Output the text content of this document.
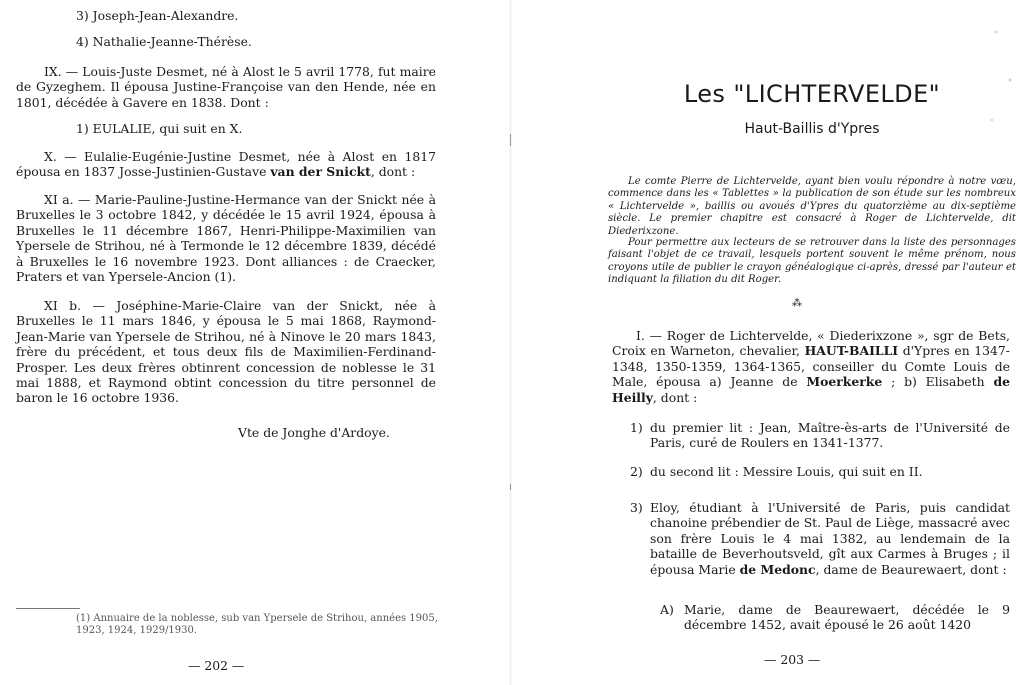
3) Joseph-Jean-Alexandre.
4) Nathalie-Jeanne-Thérèse.

IX. — Louis-Juste Desmet, né à Alost le 5 avril 1778, fut maire de Gyzeghem. Il épousa Justine-Françoise van den Hende, née en 1801, décédée à Gavere en 1838. Dont :

1) EULALIE, qui suit en X.

X. — Eulalie-Eugénie-Justine Desmet, née à Alost en 1817 épousa en 1837 Josse-Justinien-Gustave van der Snickt, dont :

XI a. — Marie-Pauline-Justine-Hermance van der Snickt née à Bruxelles le 3 octobre 1842, y décédée le 15 avril 1924, épousa à Bruxelles le 11 décembre 1867, Henri-Philippe-Maximilien van Ypersele de Strihou, né à Termonde le 12 décembre 1839, décédé à Bruxelles le 16 novembre 1923. Dont alliances : de Craecker, Praters et van Ypersele-Ancion (1).

XI b. — Joséphine-Marie-Claire van der Snickt, née à Bruxelles le 11 mars 1846, y épousa le 5 mai 1868, Raymond-Jean-Marie van Ypersele de Strihou, né à Ninove le 20 mars 1843, frère du précédent, et tous deux fils de Maximilien-Ferdinand-Prosper. Les deux frères obtinrent concession de noblesse le 31 mai 1888, et Raymond obtint concession du titre personnel de baron le 16 octobre 1936.

Vte de Jonghe d'Ardoye.
(1) Annuaire de la noblesse, sub van Ypersele de Strihou, années 1905, 1923, 1924, 1929/1930.
— 202 —
Les "LICHTERVELDE"
Haut-Baillis d'Ypres

Le comte Pierre de Lichtervelde, ayant bien voulu répondre à notre vœu, commence dans les « Tablettes » la publication de son étude sur les nombreux « Lichtervelde », baillis ou avoués d'Ypres du quatorzième au dix-septième siècle. Le premier chapitre est consacré à Roger de Lichtervelde, dit Diederixzone.

Pour permettre aux lecteurs de se retrouver dans la liste des personnages faisant l'objet de ce travail, lesquels portent souvent le même prénom, nous croyons utile de publier le crayon généalogique ci-après, dressé par l'auteur et indiquant la filiation du dit Roger.

⁂

I. — Roger de Lichtervelde, « Diederixzone », sgr de Bets, Croix en Warneton, chevalier, HAUT-BAILLI d'Ypres en 1347-1348, 1350-1359, 1364-1365, conseiller du Comte Louis de Male, épousa a) Jeanne de Moerkerke ; b) Elisabeth de Heilly, dont :

1) du premier lit : Jean, Maître-ès-arts de l'Université de Paris, curé de Roulers en 1341-1377.
2) du second lit : Messire Louis, qui suit en II.
3) Eloy, étudiant à l'Université de Paris, puis candidat chanoine prébendier de St. Paul de Liège, massacré avec son frère Louis le 4 mai 1382, au lendemain de la bataille de Beverhoutsveld, gît aux Carmes à Bruges ; il épousa Marie de Medonc, dame de Beaurewaert, dont :
A) Marie, dame de Beaurewaert, décédée le 9 décembre 1452, avait épousé le 26 août 1420
— 203 —
